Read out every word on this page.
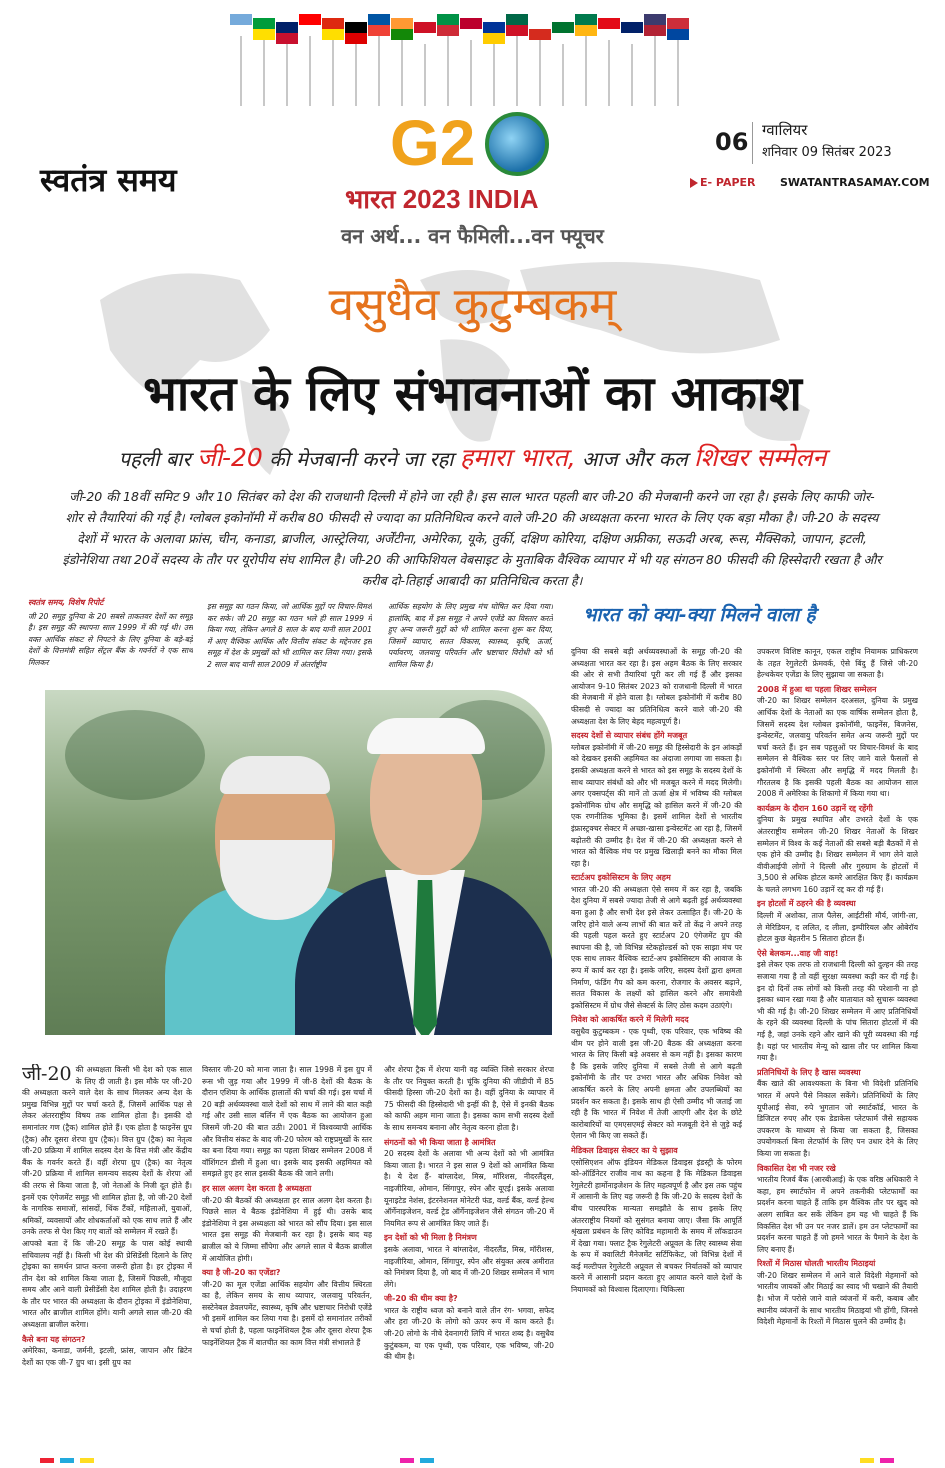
स्वतंत्र समय
G2
भारत 2023 INDIA
06 ग्वालियर
शनिवार 09 सितंबर 2023
E- PAPER SWATANTRASAMAY.COM
वन अर्थ... वन फैमिली...वन फ्यूचर
वसुधैव कुटुम्बकम्
भारत के लिए संभावनाओं का आकाश
पहली बार जी-20 की मेजबानी करने जा रहा हमारा भारत, आज और कल शिखर सम्मेलन

जी-20 की 18वीं समिट 9 और 10 सितंबर को देश की राजधानी दिल्ली में होने जा रही है। इस साल भारत पहली बार जी-20 की मेजबानी करने जा रहा है। इसके लिए काफी जोर-शोर से तैयारियां की गई है। ग्लोबल इकोनॉमी में करीब 80 फीसदी से ज्यादा का प्रतिनिधित्व करने वाले जी-20 की अध्यक्षता करना भारत के लिए एक बड़ा मौका है। जी-20 के सदस्य देशों में भारत के अलावा फ्रांस, चीन, कनाडा, ब्राजील, आस्ट्रेलिया, अर्जेंटीना, अमेरिका, यूके, तुर्की, दक्षिण कोरिया, दक्षिण अफ्रीका, सऊदी अरब, रूस, मैक्सिको, जापान, इटली, इंडोनेशिया तथा 20वें सदस्य के तौर पर यूरोपीय संघ शामिल है। जी-20 की आफिशियल वेबसाइट के मुताबिक वैश्विक व्यापार में भी यह संगठन 80 फीसदी की हिस्सेदारी रखता है और करीब दो-तिहाई आबादी का प्रतिनिधित्व करता है।

स्वतंत्र समय, विशेष रिपोर्ट
जी 20 समूह दुनिया के 20 सबसे ताकतवर देशों का समूह है। इस समूह की स्थापना साल 1999 में की गई थी। उस वक्त आर्थिक संकट से निपटने के लिए दुनिया के बड़े-बड़े देशों के वित्तमंत्री सहित सेंट्रल बैंक के गवर्नरों ने एक साथ मिलकर
इस समूह का गठन किया, जो आर्थिक मुद्दों पर विचार-विमर्श कर सके। जी 20 समूह का गठन भले ही साल 1999 में किया गया, लेकिन अगले 8 साल के बाद यानी साल 2001 में आए वैश्विक आर्थिक और वित्तीय संकट के मद्देनजर इस समूह में देश के प्रमुखों को भी शामिल कर लिया गया। इसके 2 साल बाद यानी साल 2009 में अंतर्राष्ट्रीय
आर्थिक सहयोग के लिए प्रमुख मंच घोषित कर दिया गया। हालांकि, बाद में इस समूह ने अपने एजेंडे का विस्तार करते हुए अन्य जरूरी मुद्दों को भी शामिल करना शुरू कर दिया, जिसमें व्यापार, सतत विकास, स्वास्थ्य, कृषि, ऊर्जा, पर्यावरण, जलवायु परिवर्तन और भ्रष्टाचार विरोधी को भी शामिल किया है।
भारत को क्या-क्या मिलने वाला है
दुनिया की सबसे बड़ी अर्थव्यवस्थाओं के समूह जी-20 की अध्यक्षता भारत कर रहा है। इस अहम बैठक के लिए सरकार की ओर से सभी तैयारियां पूरी कर ली गई हैं और इसका आयोजन 9-10 सितंबर 2023 को राजधानी दिल्ली में भारत की मेजबानी में होने वाला है। ग्लोबल इकोनॉमी में करीब 80 फीसदी से ज्यादा का प्रतिनिधित्व करने वाले जी-20 की अध्यक्षता देश के लिए बेहद महत्वपूर्ण है।
सदस्य देशों से व्यापार संबंध होंगे मजबूत
ग्लोबल इकोनॉमी में जी-20 समूह की हिस्सेदारी के इन आंकड़ों को देखकर इसकी अहमियत का अंदाजा लगाया जा सकता है। इसकी अध्यक्षता करने से भारत को इस समूह के सदस्य देशों के साथ व्यापार संबंधों को और भी मजबूत करने में मदद मिलेगी। अगर एक्सपर्ट्स की मानें तो ऊर्जा क्षेत्र में भविष्य की ग्लोबल इकोनॉमिक ग्रोथ और समृद्धि को हासिल करने में जी-20 की एक रणनीतिक भूमिका है। इसमें शामिल देशों से भारतीय इंफ्रास्ट्रक्चर सेक्टर में अच्छा-खासा इन्वेस्टमेंट आ रहा है, जिसमें बढ़ोतरी की उम्मीद है। देश में जी-20 की अध्यक्षता करने से भारत को वैश्विक मंच पर प्रमुख खिलाड़ी बनने का मौका मिल रहा है।
स्टार्टअप इकोसिस्टम के लिए अहम
भारत जी-20 की अध्यक्षता ऐसे समय में कर रहा है, जबकि देश दुनिया में सबसे ज्यादा तेजी से आगे बढ़ती हुई अर्थव्यवस्था बना हुआ है और सभी देश इसे लेकर उत्साहित हैं। जी-20 के जरिए होने वाले अन्य लाभों की बात करें तो केंद्र ने अपने तरह की पहली पहल करते हुए स्टार्टअप 20 एंगेजमेंट ग्रुप की स्थापना की है, जो विभिन्न स्टेकहोल्डर्स को एक साझा मंच पर एक साथ लाकर वैश्विक स्टार्ट-अप इकोसिस्टम की आवाज के रूप में कार्य कर रहा है। इसके जरिए, सदस्य देशों द्वारा क्षमता निर्माण, फंडिंग गैप को कम करना, रोजगार के अवसर बढ़ाने, सतत विकास के लक्ष्यों को हासिल करने और समावेशी इकोसिस्टम में ग्रोथ जैसे सेक्टर्स के लिए ठोस कदम उठाएंगे।
निवेश को आकर्षित करने में मिलेगी मदद
वसुधैव कुटुम्बकम - एक पृथ्वी, एक परिवार, एक भविष्य की थीम पर होने वाली इस जी-20 बैठक की अध्यक्षता करना भारत के लिए किसी बड़े अवसर से कम नहीं है। इसका कारण है कि इसके जरिए दुनिया में सबसे तेजी से आगे बढ़ती इकोनॉमी के तौर पर उभरा भारत और अधिक निवेश को आकर्षित करने के लिए अपनी क्षमता और उपलब्धियों का प्रदर्शन कर सकता है। इसके साथ ही ऐसी उम्मीद भी जताई जा रही है कि भारत में निवेश में तेजी आएगी और देश के छोटे कारोबारियों या एमएसएमई सेक्टर को मजबूती देने से जुड़े कई ऐलान भी किए जा सकते हैं।
मेडिकल डिवाइस सेक्टर का ये सुझाव
एसोसिएशन ऑफ इंडियन मेडिकल डिवाइस इंडस्ट्री के फोरम को-ऑर्डिनेटर राजीव नाथ का कहना है कि मेडिकल डिवाइस रेगुलेटरी हार्मोनाइजेशन के लिए महत्वपूर्ण है और इस तक पहुंच में आसानी के लिए यह जरूरी है कि जी-20 के सदस्य देशों के बीच पारस्परिक मान्यता समझौते के साथ इसके लिए अंतरराष्ट्रीय नियमों को सुसंगत बनाया जाए। जैसा कि आपूर्ति श्रृंखला प्रबंधन के लिए कोविड महामारी के समय में लॉकडाउन में देखा गया। फ्लाट ट्रैक रेगुलेटरी अप्रूवल के लिए स्वास्थ्य सेवा के रूप में क्वालिटी मैनेजमेंट सर्टिफिकेट, जो विभिन्न देशों में कई मल्टीपल रेगुलेटरी अप्रूवल से बचकर निर्यातकों को व्यापार करने में आसानी प्रदान करता हुए आयात करने वाले देशों के नियामकों को विश्वास दिलाएगा। चिकित्सा
उपकरण विशिष्ट कानून, एकल राष्ट्रीय नियामक प्राधिकरण के तहत रेगुलेटरी फ्रेमवर्क, ऐसे बिंदु हैं जिसे जी-20 हेल्थकेयर एजेंडा के लिए सुझाया जा सकता है।
2008 में हुआ था पहला शिखर सम्मेलन
जी-20 का शिखर सम्मेलन दरअसल, दुनिया के प्रमुख आर्थिक देशों के नेताओं का एक वार्षिक सम्मेलन होता है, जिसमें सदस्य देश ग्लोबल इकोनॉमी, फाइनेंस, बिजनेस, इन्वेस्टमेंट, जलवायु परिवर्तन समेत अन्य जरूरी मुद्दों पर चर्चा करते हैं। इन सब पहलुओं पर विचार-विमर्श के बाद सम्मेलन से वैश्विक स्तर पर लिए जाने वाले फैसलों से इकोनॉमी में स्थिरता और समृद्धि में मदद मिलती है। गौरतलब है कि इसकी पहली बैठक का आयोजन साल 2008 में अमेरिका के शिकागो में किया गया था।
कार्यक्रम के दौरान 160 उड़ानें रद्द रहेंगी
दुनिया के प्रमुख स्थापित और उभरते देशों के एक अंतरराष्ट्रीय सम्मेलन जी-20 शिखर नेताओं के शिखर सम्मेलन में विश्व के कई नेताओं की सबसे बड़ी बैठकों में से एक होने की उम्मीद है। शिखर सम्मेलन में भाग लेने वाले वीवीआईपी लोगों ने दिल्ली और गुरुग्राम के होटलों में 3,500 से अधिक होटल कमरे आरक्षित किए हैं। कार्यक्रम के चलते लगभग 160 उड़ानें रद्द कर दी गई हैं।
इन होटलों में ठहरने की है व्यवस्था
दिल्ली में अशोका, ताज पैलेस, आईटीसी मौर्य, जांगी-ला, ले मेरिडियन, द ललित, द लीला, इम्पीरियल और ओबेरॉय होटल कुछ बेहतरीन 5 सितारा होटल हैं।
ऐसे बेलकम...वाह जी वाह!
इसे लेकर एक तरफ तो राजधानी दिल्ली को दुल्हन की तरह सजाया गया है तो वहीं सुरक्षा व्यवस्था कड़ी कर दी गई है। इन दो दिनों तक लोगों को किसी तरह की परेशानी ना हो इसका ध्यान रखा गया है और यातायात को सुचारू व्यवस्था भी की गई है। जी-20 शिखर सम्मेलन में आए प्रतिनिधियों के रहने की व्यवस्था दिल्ली के पांच सितारा होटलों में की गई है, जहां उनके रहने और खाने की पूरी व्यवस्था की गई है। यहां पर भारतीय मेन्यू को खास तौर पर शामिल किया गया है।
प्रतिनिधियों के लिए है खास व्यवस्था
बैंक खाते की आवश्यकता के बिना भी विदेशी प्रतिनिधि भारत में अपने पैसे निकाल सकेंगे। प्रतिनिधियों के लिए यूपीआई सेवा, रुपे भुगतान जो स्मार्टकॉर्ड, भारत के डिजिटल रुपए और एक डेडाकेस प्लेटफार्म जैसे सहायक उपकरण के माध्यम से किया जा सकता है, जिसका उपयोगकर्ता बिना लेटफॉर्म के लिए पन उधार देने के लिए किया जा सकता है।
विकासित देश भी नजर रखे
भारतीय रिजर्व बैंक (आरबीआई) के एक वरिष्ठ अधिकारी ने कहा, हम स्मार्टफोन में अपने तकनीकी प्लेटफार्मों का प्रदर्शन करना चाहते हैं ताकि हम वैश्विक तौर पर खुद को अलग साबित कर सकें लेकिन हम यह भी चाहते हैं कि विकसित देश भी उन पर नजर डालें। हम उन प्लेटफार्मों का प्रदर्शन करना चाहते हैं जो हमने भारत के पैमाने के देश के लिए बनाए हैं।
रिश्तों में मिठास घोलती भारतीय मिठाइयां
जी-20 शिखर सम्मेलन में आने वाले विदेशी मेहमानों को भारतीय जायकों और मिठाई का स्वाद भी चखाने की तैयारी है। भोज में परोसे जाने वाले व्यंजनों में करी, कबाब और स्थानीय व्यंजनों के साथ भारतीय मिठाइयां भी होंगी, जिनसे विदेशी मेहमानों के रिश्तों में मिठास घुलने की उम्मीद है।
जी-20 की अध्यक्षता किसी भी देश को एक साल के लिए दी जाती है। इस मौके पर जी-20 की अध्यक्षता करने वाले देश के साथ मिलकर अन्य देश के प्रमुख विभिन्न मुद्दों पर चर्चा करते हैं, जिसमें आर्थिक पक्ष से लेकर अंतरराष्ट्रीय विषय तक शामिल होता है। इसकी दो समानांतर गण (ट्रैक) शामिल होते हैं। एक होता है फाइनेंस ग्रुप (ट्रैक) और दूसरा शेरपा ग्रुप (ट्रैक)। वित्त ग्रुप (ट्रैक) का नेतृत्व जी-20 प्रक्रिया में शामिल सदस्य देश के वित्त मंत्री और केंद्रीय बैंक के गवर्नर करते हैं। वहीं शेरपा ग्रुप (ट्रैक) का नेतृत्व जी-20 प्रक्रिया में शामिल समन्वय सदस्य देशों के शेरपा ओं की तरफ से किया जाता है, जो नेताओं के निजी दूत होते हैं। इनमें एक एंगेजमेंट समूह भी शामिल होता है, जो जी-20 देशों के नागरिक समाजों, सांसदों, थिंक टैंकों, महिलाओं, युवाओं, श्रमिकों, व्यवसायों और शोधकर्ताओं को एक साथ लाते हैं और उनके तरफ से पेश किए गए बातों को सम्मेलन में रखते हैं।
आपको बता दें कि जी-20 समूह के पास कोई स्थायी सचिवालय नहीं है। किसी भी देश की प्रेसिडेंसी दिलाने के लिए ट्रोइका का समर्थन प्राप्त करना जरूरी होता है। हर ट्रोइका में तीन देश को शामिल किया जाता है, जिसमें पिछली, मौजूदा समय और आने वाली प्रेसीडेंसी देश शामिल होती है। उदाहरण के तौर पर भारत की अध्यक्षता के दौरान ट्रोइका में इंडोनेशिया, भारत और ब्राजील शामिल होंगे। यानी अगले साल जी-20 की अध्यक्षता ब्राजील करेगा।
कैसे बना यह संगठन?
अमेरिका, कनाडा, जर्मनी, इटली, फ्रांस, जापान और ब्रिटेन देशों का एक जी-7 ग्रुप था। इसी ग्रुप का
विस्तार जी-20 को माना जाता है। साल 1998 में इस ग्रुप में रूस भी जुड़ गया और 1999 में जी-8 देशों की बैठक के दौरान एशिया के आर्थिक हालातों की चर्चा की गई। इस चर्चा में 20 बड़ी अर्थव्यवस्था वाले देशों को साथ में लाने की बात कही गई और उसी साल बर्लिन में एक बैठक का आयोजन हुआ जिसमें जी-20 की बात उठी। 2001 में विश्वव्यापी आर्थिक और वित्तीय संकट के बाद जी-20 फोरम को राष्ट्रप्रमुखों के स्तर का बना दिया गया। समूह का पहला शिखर सम्मेलन 2008 में वॉशिंगटन डीसी में हुआ था। इसके बाद इसकी अहमियत को समझते हुए हर साल इसकी बैठक की जाने लगी।
हर साल अलग देश करता है अध्यक्षता
जी-20 की बैठकों की अध्यक्षता हर साल अलग देश करता है। पिछले साल ये बैठक इंडोनेशिया में हुई थी। उसके बाद इंडोनेशिया ने इस अध्यक्षता को भारत को सौंप दिया। इस साल भारत इस समूह की मेजबानी कर रहा है। इसके बाद यह ब्राजील को ये जिम्मा सौंपेगा और अगले साल ये बैठक ब्राजील में आयोजित होगी।
क्या है जी-20 का एजेंडा?
जी-20 का मूल एजेंडा आर्थिक सहयोग और वित्तीय स्थिरता का है, लेकिन समय के साथ व्यापार, जलवायु परिवर्तन, सस्टेनेबल डेवलपमेंट, स्वास्थ्य, कृषि और भ्रष्टाचार निरोधी एजेंडे भी इसमें शामिल कर लिया गया है। इसमें दो समानांतर तरीकों से चर्चा होती है, पहला फाइनेंशियल ट्रैक और दूसरा शेरपा ट्रैक फाइनेंशियल ट्रैक में बातचीत का काम वित्त मंत्री संभालते हैं
और शेरपा ट्रैक में शेरपा यानी वह व्यक्ति जिसे सरकार शेरपा के तौर पर नियुक्त करती है। चूंकि दुनिया की जीडीपी में 85 फीसदी हिस्सा जी-20 देशों का है। वहीं दुनिया के व्यापार में 75 फीसदी की हिस्सेदारी भी इन्हीं की है, ऐसे में इनकी बैठक को काफी अहम माना जाता है। इसका काम सभी सदस्य देशों के साथ समन्वय बनाना और नेतृत्व करना होता है।
संगठनों को भी किया जाता है आमंत्रित
20 सदस्य देशों के अलावा भी अन्य देशों को भी आमंत्रित किया जाता है। भारत ने इस साल 9 देशों को आमंत्रित किया है। ये देश हैं- बांग्लादेश, मिस्र, मॉरिशस, नीदरलैंड्स, नाइजीरिया, ओमान, सिंगापुर, स्पेन और यूएई। इसके अलावा यूनाइटेड नेशंस, इंटरनेशनल मोनेटरी फंड, वर्ल्ड बैंक, वर्ल्ड हेल्थ ऑर्गेनाइजेशन, वर्ल्ड ट्रेड ऑर्गेनाइजेशन जैसे संगठन जी-20 में नियमित रूप से आमंत्रित किए जाते हैं।
इन देशों को भी मिला है निमंत्रण
इसके अलावा, भारत ने बांग्लादेश, नीदरलैंड, मिस्र, मॉरीशस, नाइजीरिया, ओमान, सिंगापुर, स्पेन और संयुक्त अरब अमीरात को निमंत्रण दिया है, जो बाद में जी-20 शिखर सम्मेलन में भाग लेंगे।
जी-20 की थीम क्या है?
भारत के राष्ट्रीय ध्वज को बनाने वाले तीन रंग- भगवा, सफेद और हरा जी-20 के लोगो को ऊपर रूप में काम करते हैं। जी-20 लोगो के नीचे देवनागरी लिपि में भारत शब्द है। वसुधैव कुटुंबकम, या एक पृथ्वी, एक परिवार, एक भविष्य, जी-20 की थीम है।
